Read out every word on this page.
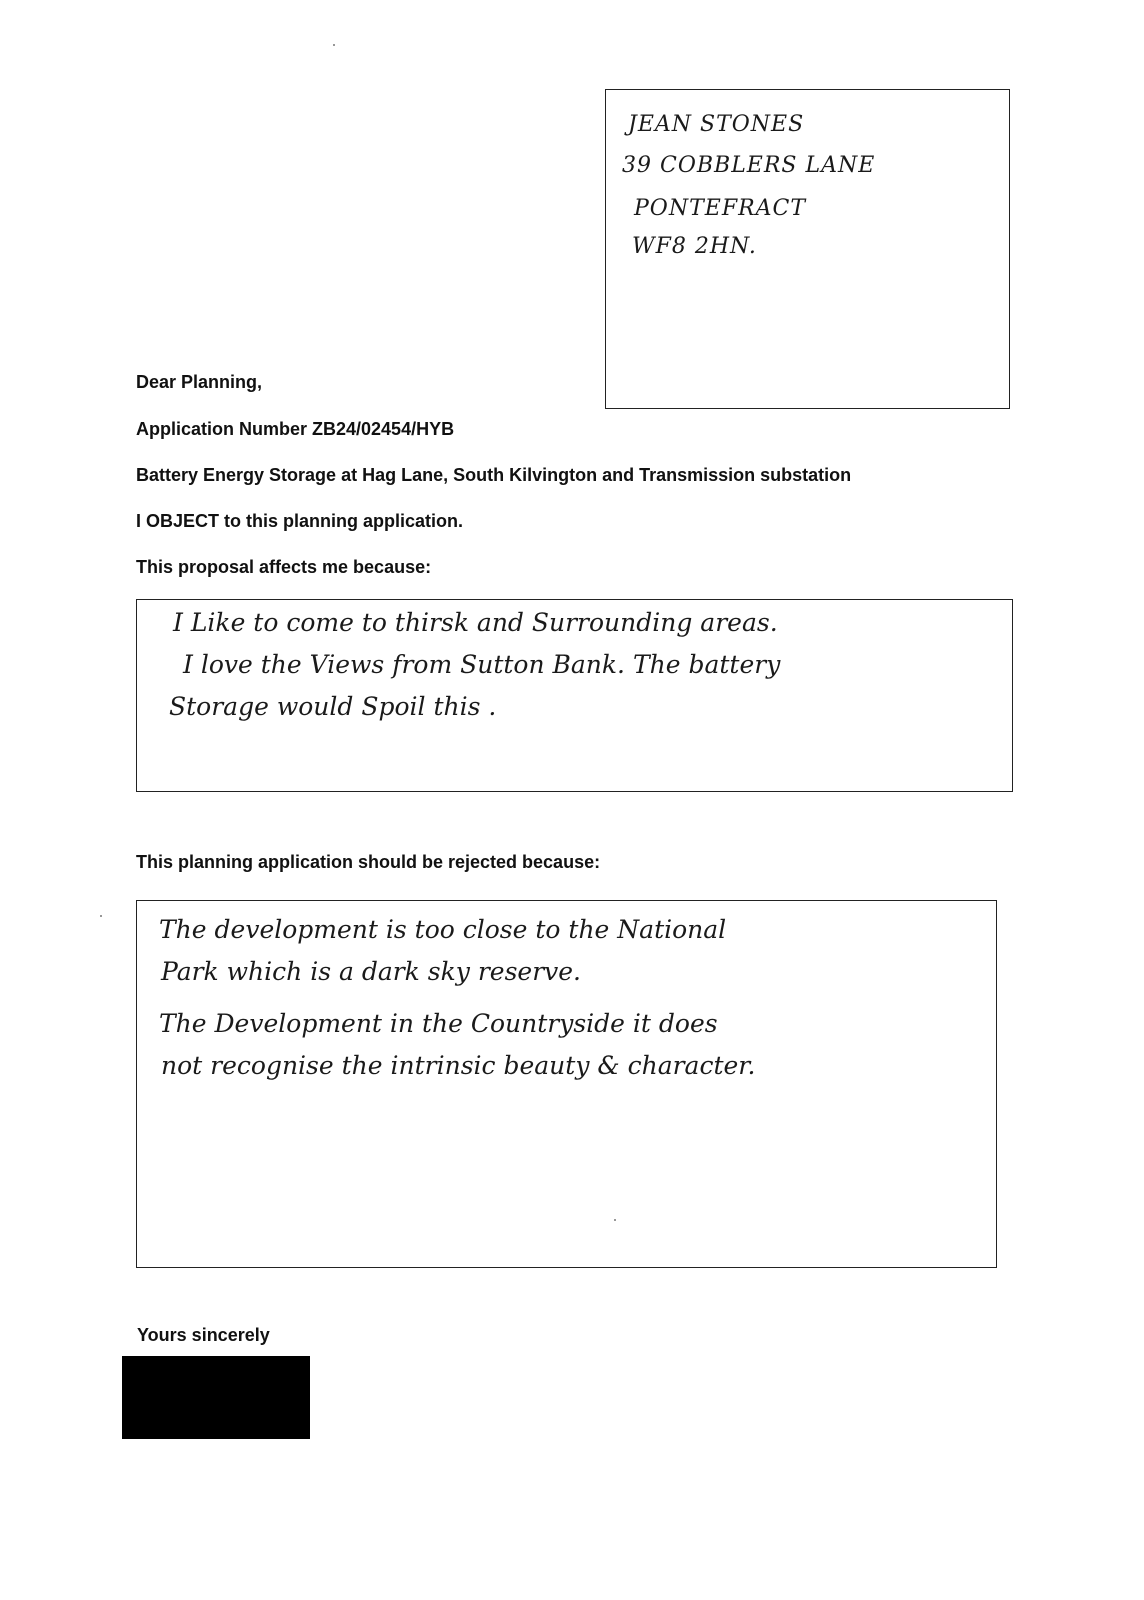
JEAN STONES
39 COBBLERS LANE
PONTEFRACT
WF8 2HN.
Dear Planning,
Application Number ZB24/02454/HYB
Battery Energy Storage at Hag Lane, South Kilvington and Transmission substation
I OBJECT to this planning application.
This proposal affects me because:
I Like to come to thirsk and Surrounding areas.
I love the Views from Sutton Bank. The battery
Storage would Spoil this .
This planning application should be rejected because:
The development is too close to the National
Park which is a dark sky reserve.
The Development in the Countryside it does
not recognise the intrinsic beauty & character.
Yours sincerely
